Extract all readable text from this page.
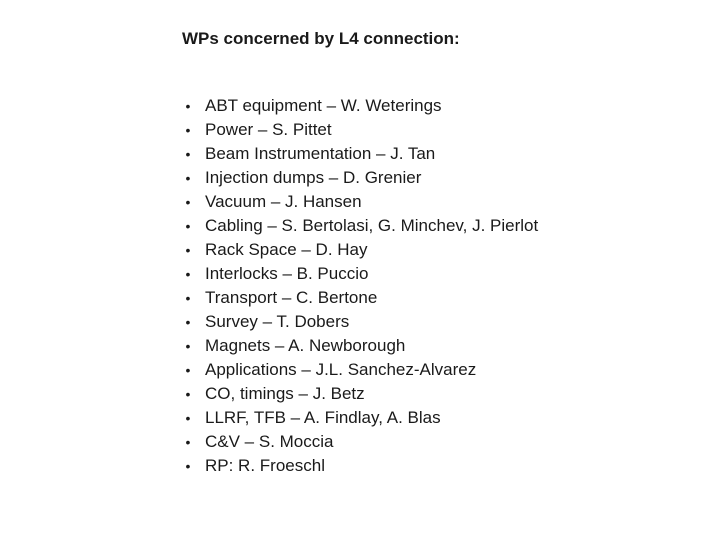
WPs concerned by L4 connection:
• ABT equipment – W. Weterings
• Power – S. Pittet
• Beam Instrumentation – J. Tan
• Injection dumps – D. Grenier
• Vacuum – J. Hansen
• Cabling – S. Bertolasi, G. Minchev, J. Pierlot
• Rack Space – D. Hay
• Interlocks – B. Puccio
• Transport – C. Bertone
• Survey – T. Dobers
• Magnets – A. Newborough
• Applications – J.L. Sanchez-Alvarez
• CO, timings – J. Betz
• LLRF, TFB – A. Findlay, A. Blas
• C&V – S. Moccia
• RP: R. Froeschl
